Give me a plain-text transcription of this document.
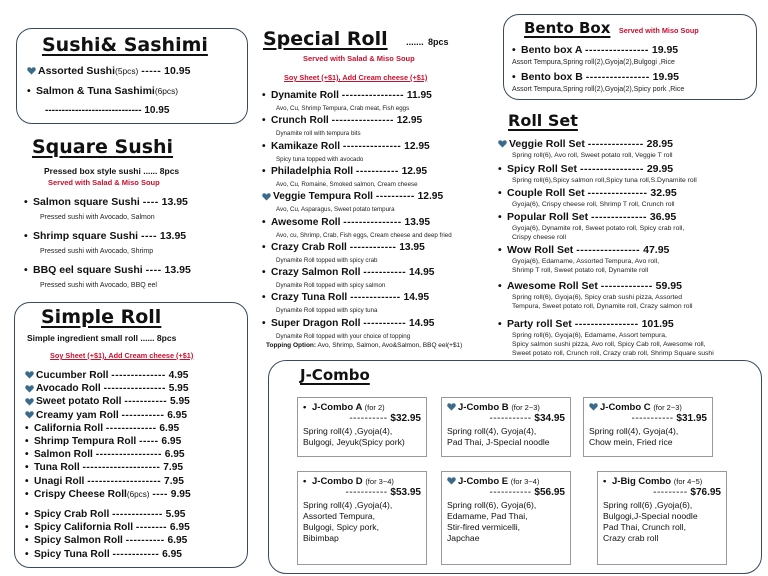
Sushi& Sashimi
Assorted Sushi(5pcs) ----- 10.95
• Salmon & Tuna Sashimi(6pcs)
----------------------------- 10.95
Square Sushi
Pressed box style sushi ...... 8pcs
Served with Salad & Miso Soup
• Salmon square Sushi ---- 13.95
Pressed sushi with Avocado, Salmon
• Shrimp square Sushi ---- 13.95
Pressed sushi with Avocado, Shrimp
• BBQ eel square Sushi ---- 13.95
Pressed sushi with Avocado, BBQ eel
Simple Roll
Simple ingredient small roll ...... 8pcs
Soy Sheet (+$1), Add Cream cheese (+$1)
Cucumber Roll -------------- 4.95
Avocado Roll ---------------- 5.95
Sweet potato Roll ----------- 5.95
Creamy yam Roll ----------- 6.95
• California Roll ------------- 6.95
• Shrimp Tempura Roll ----- 6.95
• Salmon Roll ----------------- 6.95
• Tuna Roll -------------------- 7.95
• Unagi Roll ------------------- 7.95
• Crispy Cheese Roll(6pcs) ---- 9.95
• Spicy Crab Roll ------------- 5.95
• Spicy California Roll -------- 6.95
• Spicy Salmon Roll ---------- 6.95
• Spicy Tuna Roll ------------ 6.95
Special Roll ....... 8pcs
Served with Salad & Miso Soup
Soy Sheet (+$1), Add Cream cheese (+$1)
• Dynamite Roll ---------------- 11.95
Avo, Cu, Shrimp Tempura, Crab meat, Fish eggs
• Crunch Roll ---------------- 12.95
Dynamite roll with tempura bits
• Kamikaze Roll --------------- 12.95
Spicy tuna topped with avocado
• Philadelphia Roll ----------- 12.95
Avo, Cu, Romaine, Smoked salmon, Cream cheese
Veggie Tempura Roll ---------- 12.95
Avo, Cu, Asparagus, Sweet potato tempura
• Awesome Roll --------------- 13.95
Avo, cu, Shrimp, Crab, Fish eggs, Cream cheese and deep fried
• Crazy Crab Roll ------------ 13.95
Dynamite Roll topped with spicy crab
• Crazy Salmon Roll ----------- 14.95
Dynamite Roll topped with spicy salmon
• Crazy Tuna Roll ------------- 14.95
Dynamite Roll topped with spicy tuna
• Super Dragon Roll ----------- 14.95
Dynamite Roll topped with your choice of topping
Topping Option: Avo, Shrimp, Salmon, Avo&Salmon, BBQ eel(+$1)
Bento Box Served with Miso Soup
• Bento box A ---------------- 19.95
Assort Tempura,Spring roll(2),Gyoja(2),Bulgogi ,Rice
• Bento box B ---------------- 19.95
Assort Tempura,Spring roll(2),Gyoja(2),Spicy pork ,Rice
Roll Set
Veggie Roll Set -------------- 28.95
Spring roll(6), Avo roll, Sweet potato roll, Veggie T roll
• Spicy Roll Set ---------------- 29.95
Spring roll(6),Spicy salmon roll,Spicy tuna roll,S.Dynamite roll
• Couple Roll Set --------------- 32.95
Gyoja(6), Crispy cheese roll, Shrimp T roll, Crunch roll
• Popular Roll Set -------------- 36.95
Gyoja(6), Dynamite roll, Sweet potato roll, Spicy crab roll,
Crispy cheese roll
• Wow Roll Set ---------------- 47.95
Gyoja(6), Edamame, Assorted Tempura, Avo roll,
Shrimp T roll, Sweet potato roll, Dynamite roll
• Awesome Roll Set ------------- 59.95
Spring roll(6), Gyoja(6), Spicy crab sushi pizza, Assorted
Tempura, Sweet potato roll, Dynamite roll, Crazy salmon roll
• Party roll Set ---------------- 101.95
Spring roll(6), Gyoja(6), Edamame, Assort tempura,
Spicy salmon sushi pizza, Avo roll, Spicy Cab roll, Awesome roll,
Sweet potato roll, Crunch roll, Crazy crab roll, Shrimp Square sushi
J-Combo
• J-Combo A (for 2)
---------- $32.95
Spring roll(4) ,Gyoja(4),
Bulgogi, Jeyuk(Spicy pork)
J-Combo B (for 2~3)
----------- $34.95
Spring roll(4), Gyoja(4),
Pad Thai, J-Special noodle
J-Combo C (for 2~3)
----------- $31.95
Spring roll(4), Gyoja(4),
Chow mein, Fried rice
• J-Combo D (for 3~4)
----------- $53.95
Spring roll(4) ,Gyoja(4),
Assorted Tempura,
Bulgogi, Spicy pork,
Bibimbap
J-Combo E (for 3~4)
----------- $56.95
Spring roll(6), Gyoja(6),
Edamame, Pad Thai,
Stir-fired vermicelli,
Japchae
• J-Big Combo (for 4~5)
--------- $76.95
Spring roll(6) ,Gyoja(6),
Bulgogi,J-Special noodle
Pad Thai, Crunch roll,
Crazy crab roll
